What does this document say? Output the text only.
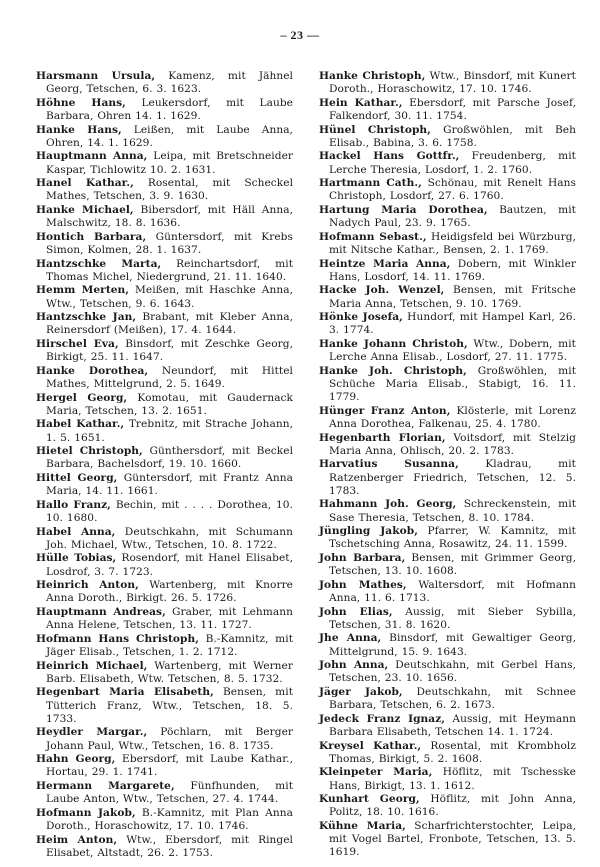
– 23 —

Harsmann Ursula, Kamenz, mit Jähnel Georg, Tetschen, 6. 3. 1623.

Höhne Hans, Leukersdorf, mit Laube Barbara, Ohren 14. 1. 1629.

Hanke Hans, Leißen, mit Laube Anna, Ohren, 14. 1. 1629.

Hauptmann Anna, Leipa, mit Bretschneider Kaspar, Tichlowitz 10. 2. 1631.

Hanel Kathar., Rosental, mit Scheckel Mathes, Tetschen, 3. 9. 1630.

Hanke Michael, Bibersdorf, mit Häll Anna, Malschwitz, 18. 8. 1636.

Hontich Barbara, Güntersdorf, mit Krebs Simon, Kolmen, 28. 1. 1637.

Hantzschke Marta, Reinchartsdorf, mit Thomas Michel, Niedergrund, 21. 11. 1640.

Hemm Merten, Meißen, mit Haschke Anna, Wtw., Tetschen, 9. 6. 1643.

Hantzschke Jan, Brabant, mit Kleber Anna, Reinersdorf (Meißen), 17. 4. 1644.

Hirschel Eva, Binsdorf, mit Zeschke Georg, Birkigt, 25. 11. 1647.

Hanke Dorothea, Neundorf, mit Hittel Mathes, Mittelgrund, 2. 5. 1649.

Hergel Georg, Komotau, mit Gaudernack Maria, Tetschen, 13. 2. 1651.

Habel Kathar., Trebnitz, mit Strache Johann, 1. 5. 1651.

Hietel Christoph, Günthersdorf, mit Beckel Barbara, Bachelsdorf, 19. 10. 1660.

Hittel Georg, Güntersdorf, mit Frantz Anna Maria, 14. 11. 1661.

Hallo Franz, Bechin, mit . . . . Dorothea, 10. 10. 1680.

Habel Anna, Deutschkahn, mit Schumann Joh. Michael, Wtw., Tetschen, 10. 8. 1722.

Hülle Tobias, Rosendorf, mit Hanel Elisabet, Losdrof, 3. 7. 1723.

Heinrich Anton, Wartenberg, mit Knorre Anna Doroth., Birkigt. 26. 5. 1726.

Hauptmann Andreas, Graber, mit Lehmann Anna Helene, Tetschen, 13. 11. 1727.

Hofmann Hans Christoph, B.-Kamnitz, mit Jäger Elisab., Tetschen, 1. 2. 1712.

Heinrich Michael, Wartenberg, mit Werner Barb. Elisabeth, Wtw. Tetschen, 8. 5. 1732.

Hegenbart Maria Elisabeth, Bensen, mit Tütterich Franz, Wtw., Tetschen, 18. 5. 1733.

Heydler Margar., Pöchlarn, mit Berger Johann Paul, Wtw., Tetschen, 16. 8. 1735.

Hahn Georg, Ebersdorf, mit Laube Kathar., Hortau, 29. 1. 1741.

Hermann Margarete, Fünfhunden, mit Laube Anton, Wtw., Tetschen, 27. 4. 1744.

Hofmann Jakob, B.-Kamnitz, mit Plan Anna Doroth., Horaschowitz, 17. 10. 1746.

Heim Anton, Wtw., Ebersdorf, mit Ringel Elisabet, Altstadt, 26. 2. 1753.

Hanke Christoph, Wtw., Binsdorf, mit Kunert Doroth., Horaschowitz, 17. 10. 1746.

Hein Kathar., Ebersdorf, mit Parsche Josef, Falkendorf, 30. 11. 1754.

Hünel Christoph, Großwöhlen, mit Beh Elisab., Babina, 3. 6. 1758.

Hackel Hans Gottfr., Freudenberg, mit Lerche Theresia, Losdorf, 1. 2. 1760.

Hartmann Cath., Schönau, mit Renelt Hans Christoph, Losdorf, 27. 6. 1760.

Hartung Maria Dorothea, Bautzen, mit Nadych Paul, 23. 9. 1765.

Hofmann Sebast., Heidigsfeld bei Würzburg, mit Nitsche Kathar., Bensen, 2. 1. 1769.

Heintze Maria Anna, Dobern, mit Winkler Hans, Losdorf, 14. 11. 1769.

Hacke Joh. Wenzel, Bensen, mit Fritsche Maria Anna, Tetschen, 9. 10. 1769.

Hönke Josefa, Hundorf, mit Hampel Karl, 26. 3. 1774.

Hanke Johann Christoh, Wtw., Dobern, mit Lerche Anna Elisab., Losdorf, 27. 11. 1775.

Hanke Joh. Christoph, Großwöhlen, mit Schüche Maria Elisab., Stabigt, 16. 11. 1779.

Hünger Franz Anton, Klösterle, mit Lorenz Anna Dorothea, Falkenau, 25. 4. 1780.

Hegenbarth Florian, Voitsdorf, mit Stelzig Maria Anna, Ohlisch, 20. 2. 1783.

Harvatius Susanna, Kladrau, mit Ratzenberger Friedrich, Tetschen, 12. 5. 1783.

Hahmann Joh. Georg, Schreckenstein, mit Sase Theresia, Tetschen, 8. 10. 1784.

Jüngling Jakob, Pfarrer, W. Kamnitz, mit Tschetsching Anna, Rosawitz, 24. 11. 1599.

John Barbara, Bensen, mit Grimmer Georg, Tetschen, 13. 10. 1608.

John Mathes, Waltersdorf, mit Hofmann Anna, 11. 6. 1713.

John Elias, Aussig, mit Sieber Sybilla, Tetschen, 31. 8. 1620.

Jhe Anna, Binsdorf, mit Gewaltiger Georg, Mittelgrund, 15. 9. 1643.

John Anna, Deutschkahn, mit Gerbel Hans, Tetschen, 23. 10. 1656.

Jäger Jakob, Deutschkahn, mit Schnee Barbara, Tetschen, 6. 2. 1673.

Jedeck Franz Ignaz, Aussig, mit Heymann Barbara Elisabeth, Tetschen 14. 1. 1724.

Kreysel Kathar., Rosental, mit Krombholz Thomas, Birkigt, 5. 2. 1608.

Kleinpeter Maria, Höflitz, mit Tschesske Hans, Birkigt, 13. 1. 1612.

Kunhart Georg, Höflitz, mit John Anna, Politz, 18. 10. 1616.

Kühne Maria, Scharfrichterstochter, Leipa, mit Vogel Bartel, Fronbote, Tetschen, 13. 5. 1619.
